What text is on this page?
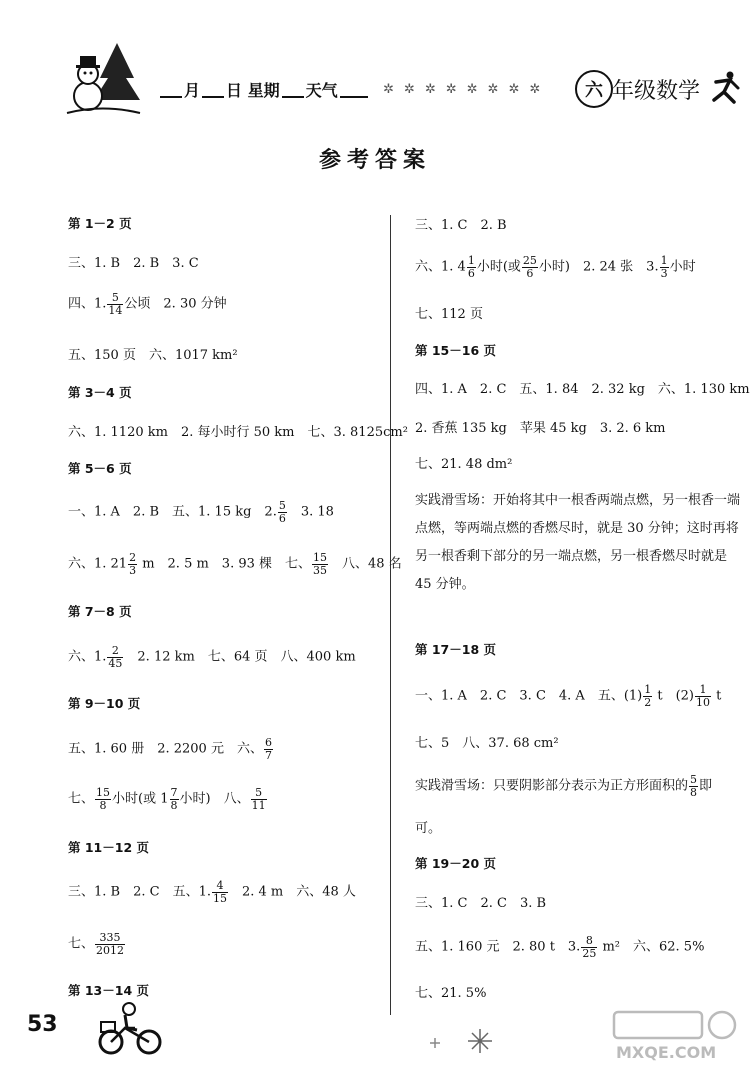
月 日 星期 天气	✲ ✲ ✲ ✲ ✲ ✲ ✲ ✲	六 年级数学
参考答案
第 1－2 页
三、1. B　2. B　3. C
四、1. $\frac{5}{14}$ 公顷　2. 30 分钟
五、150 页　六、1017 km²
第 3－4 页
六、1. 1120 km　2. 每小时行 50 km　七、3. 8125cm²
第 5－6 页
一、1. A　2. B　五、1. 15 kg　2. $\frac{5}{6}$ 　3. 18
六、1. $21 \frac{2}{3}$ m　2. 5 m　3. 93 棵　七、 $\frac{15}{35}$ 　八、48 名
第 7－8 页
六、1. $\frac{2}{45}$ 　2. 12 km　七、64 页　八、400 km
第 9－10 页
五、1. 60 册　2. 2200 元　六、 $\frac{6}{7}$
七、 $\frac{15}{8}$ 小时(或 $1 \frac{7}{8}$ 小时)　八、 $\frac{5}{11}$
第 11－12 页
三、1. B　2. C　五、1. $\frac{4}{15}$ 　2. 4 m　六、48 人
七、 $\frac{335}{2012}$
第 13－14 页
三、1. C　2. B
六、1. $4 \frac{1}{6}$ 小时(或 $\frac{25}{6}$ 小时)　2. 24 张　3. $\frac{1}{3}$ 小时
七、112 页
第 15－16 页
四、1. A　2. C　五、1. 84　2. 32 kg　六、1. 130 km
2. 香蕉 135 kg　苹果 45 kg　3. 2. 6 km
七、21. 48 dm²
实践滑雪场：开始将其中一根香两端点燃，另一根香一端点燃，等两端点燃的香燃尽时，就是 30 分钟；这时再将另一根香剩下部分的另一端点燃，另一根香燃尽时就是 45 分钟。
第 17－18 页
一、1. A　2. C　3. C　4. A　五、$(1) \frac{1}{2}$ t　$(2) \frac{1}{10}$ t
七、5　八、37. 68 cm²
实践滑雪场：只要阴影部分表示为正方形面积的 $\frac{5}{8}$ 即
可。
第 19－20 页
三、1. C　2. C　3. B
五、1. 160 元　2. 80 t　3. $\frac{8}{25} m^2$　六、62. 5%
七、21. 5%
53
MXQE.COM
